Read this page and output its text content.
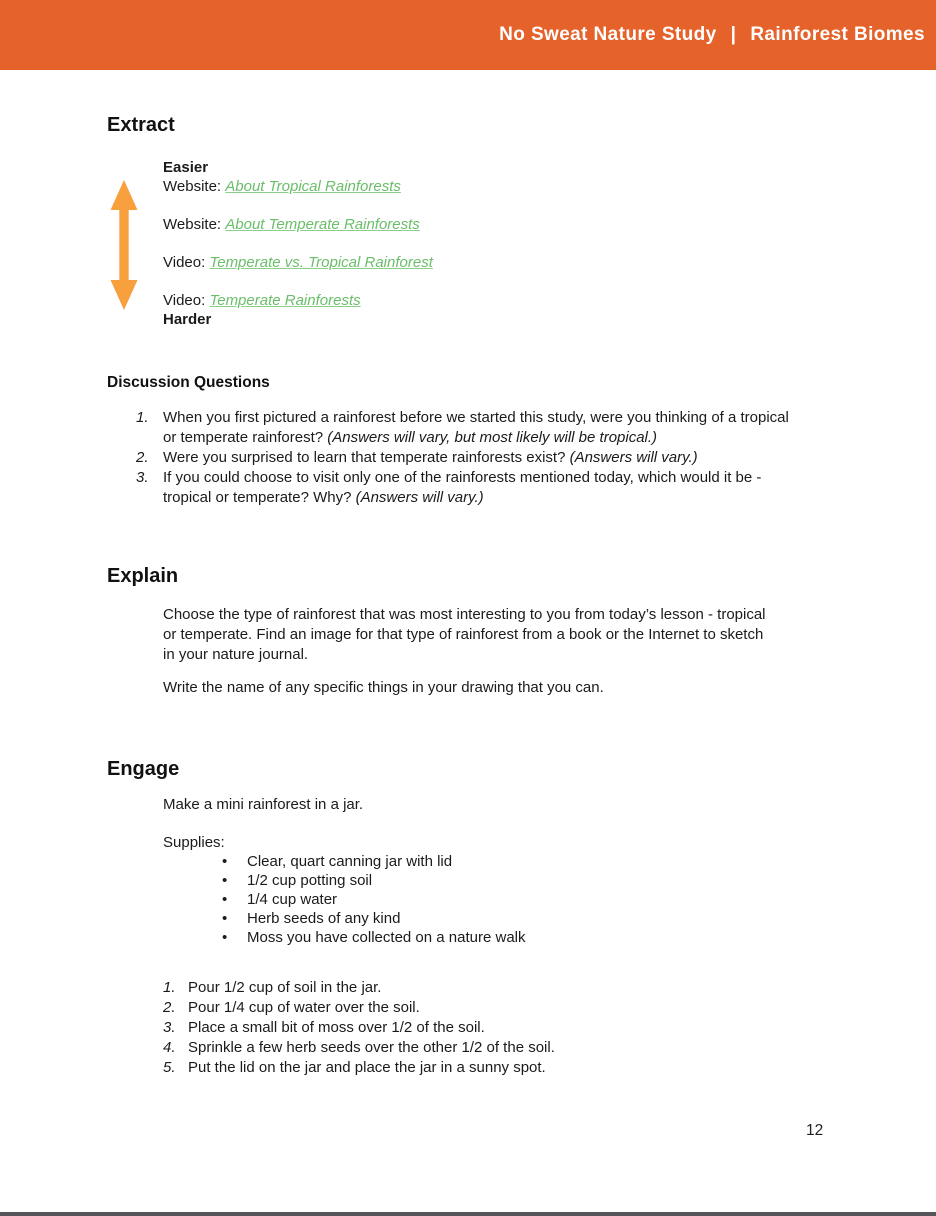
No Sweat Nature Study | Rainforest Biomes
Extract
Easier
Website: About Tropical Rainforests
Website: About Temperate Rainforests
Video: Temperate vs. Tropical Rainforest
Video: Temperate Rainforests
Harder
Discussion Questions
1. When you first pictured a rainforest before we started this study, were you thinking of a tropical or temperate rainforest? (Answers will vary, but most likely will be tropical.)
2. Were you surprised to learn that temperate rainforests exist? (Answers will vary.)
3. If you could choose to visit only one of the rainforests mentioned today, which would it be - tropical or temperate? Why? (Answers will vary.)
Explain

Choose the type of rainforest that was most interesting to you from today’s lesson - tropical or temperate. Find an image for that type of rainforest from a book or the Internet to sketch in your nature journal.

Write the name of any specific things in your drawing that you can.

Engage
Make a mini rainforest in a jar.
Supplies:
•	Clear, quart canning jar with lid
•	1/2 cup potting soil
•	1/4 cup water
•	Herb seeds of any kind
•	Moss you have collected on a nature walk
1. Pour 1/2 cup of soil in the jar.
2. Pour 1/4 cup of water over the soil.
3. Place a small bit of moss over 1/2 of the soil.
4. Sprinkle a few herb seeds over the other 1/2 of the soil.
5. Put the lid on the jar and place the jar in a sunny spot.
12
